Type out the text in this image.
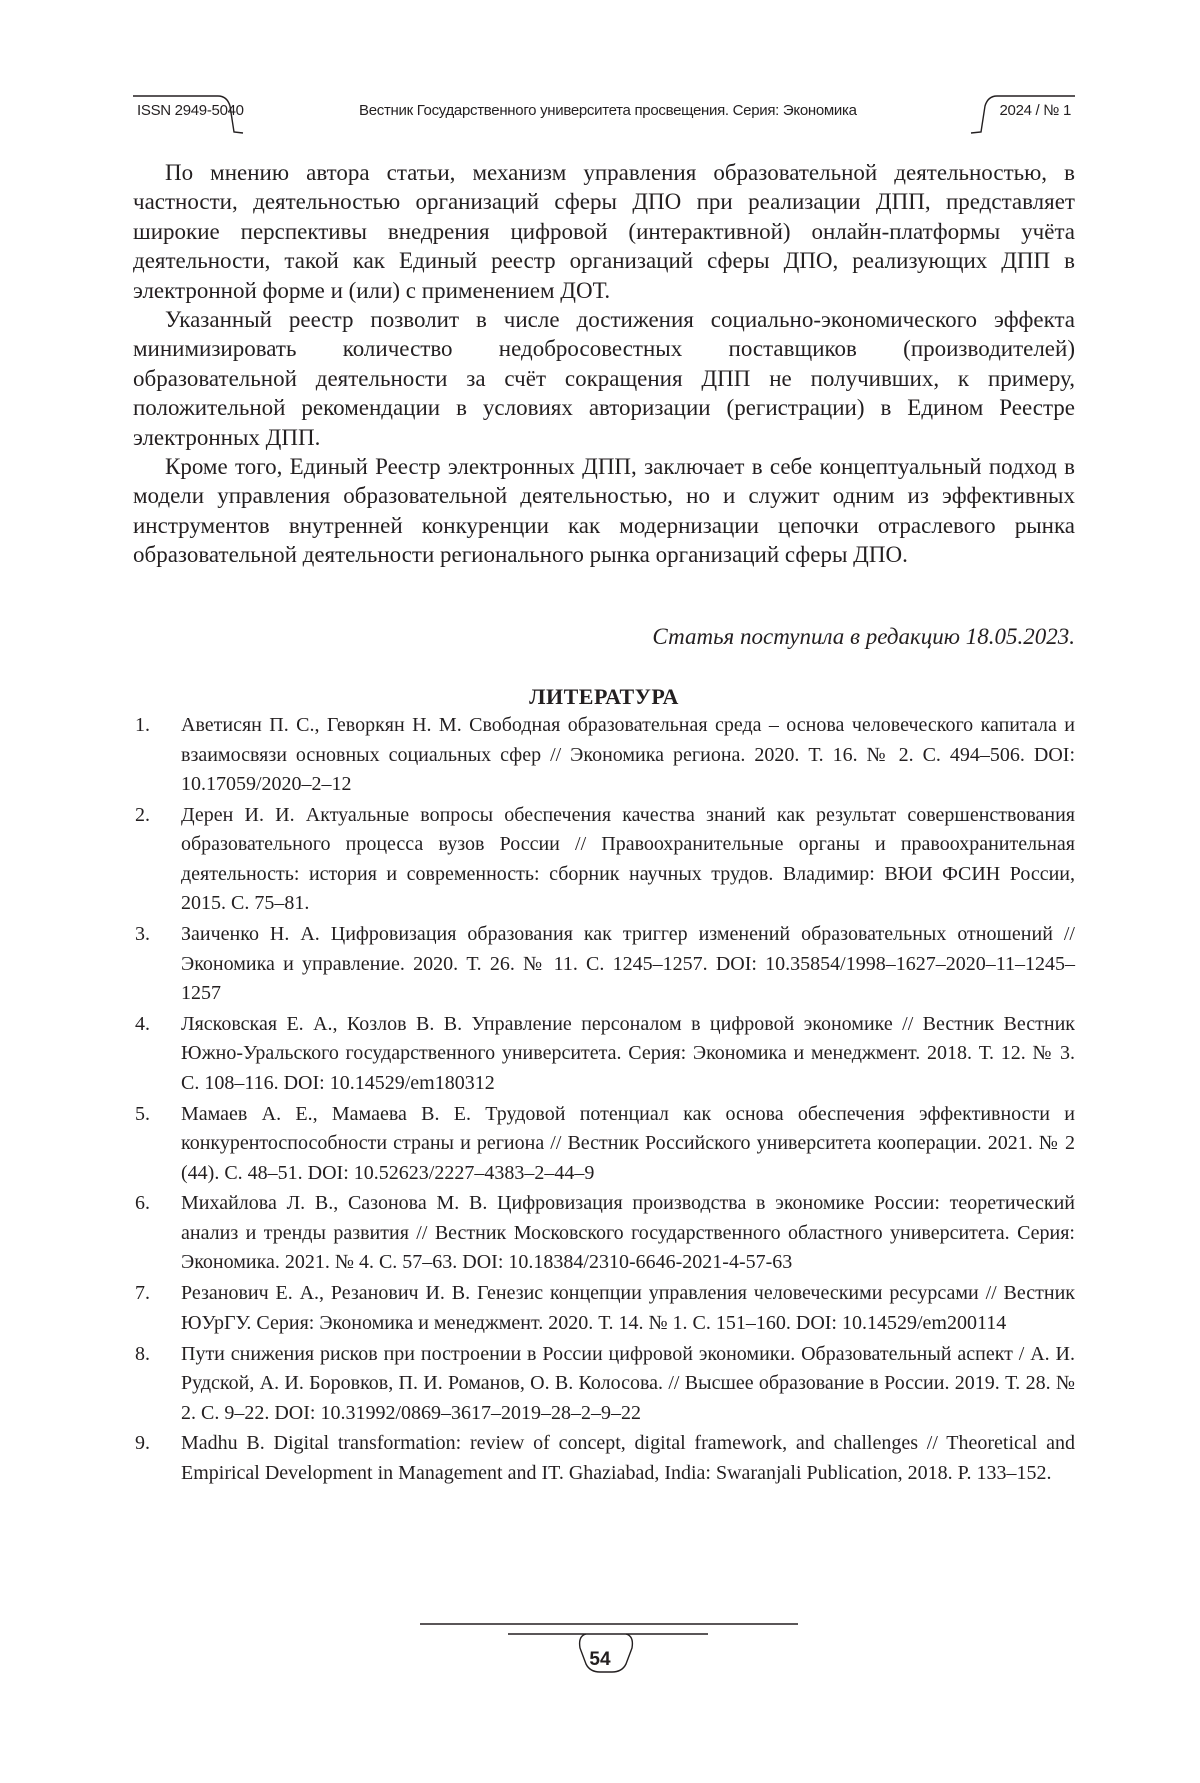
ISSN 2949-5040	Вестник Государственного университета просвещения. Серия: Экономика	2024 / № 1

По мнению автора статьи, механизм управления образовательной деятельностью, в частности, деятельностью организаций сферы ДПО при реализации ДПП, представляет широкие перспективы внедрения цифровой (интерактивной) онлайн-платформы учёта деятельности, такой как Единый реестр организаций сферы ДПО, реализующих ДПП в электронной форме и (или) с применением ДОТ.

Указанный реестр позволит в числе достижения социально-экономического эффекта минимизировать количество недобросовестных поставщиков (производителей) образовательной деятельности за счёт сокращения ДПП не получивших, к примеру, положительной рекомендации в условиях авторизации (регистрации) в Едином Реестре электронных ДПП.

Кроме того, Единый Реестр электронных ДПП, заключает в себе концептуальный подход в модели управления образовательной деятельностью, но и служит одним из эффективных инструментов внутренней конкуренции как модернизации цепочки отраслевого рынка образовательной деятельности регионального рынка организаций сферы ДПО.

Статья поступила в редакцию 18.05.2023.
ЛИТЕРАТУРА
1. Аветисян П. С., Геворкян Н. М. Свободная образовательная среда – основа человеческого капитала и взаимосвязи основных социальных сфер // Экономика региона. 2020. Т. 16. № 2. С. 494–506. DOI: 10.17059/2020–2–12
2. Дерен И. И. Актуальные вопросы обеспечения качества знаний как результат совершенствования образовательного процесса вузов России // Правоохранительные органы и правоохранительная деятельность: история и современность: сборник научных трудов. Владимир: ВЮИ ФСИН России, 2015. С. 75–81.
3. Заиченко Н. А. Цифровизация образования как триггер изменений образовательных отношений // Экономика и управление. 2020. Т. 26. № 11. С. 1245–1257. DOI: 10.35854/1998–1627–2020–11–1245–1257
4. Лясковская Е. А., Козлов В. В. Управление персоналом в цифровой экономике // Вестник Вестник Южно-Уральского государственного университета. Серия: Экономика и менеджмент. 2018. Т. 12. № 3. С. 108–116. DOI: 10.14529/em180312
5. Мамаев А. Е., Мамаева В. Е. Трудовой потенциал как основа обеспечения эффективности и конкурентоспособности страны и региона // Вестник Российского университета кооперации. 2021. № 2 (44). С. 48–51. DOI: 10.52623/2227–4383–2–44–9
6. Михайлова Л. В., Сазонова М. В. Цифровизация производства в экономике России: теоретический анализ и тренды развития // Вестник Московского государственного областного университета. Серия: Экономика. 2021. № 4. С. 57–63. DOI: 10.18384/2310-6646-2021-4-57-63
7. Резанович Е. А., Резанович И. В. Генезис концепции управления человеческими ресурсами // Вестник ЮУрГУ. Серия: Экономика и менеджмент. 2020. Т. 14. № 1. С. 151–160. DOI: 10.14529/em200114
8. Пути снижения рисков при построении в России цифровой экономики. Образовательный аспект / А. И. Рудской, А. И. Боровков, П. И. Романов, О. В. Колосова. // Высшее образование в России. 2019. Т. 28. № 2. С. 9–22. DOI: 10.31992/0869–3617–2019–28–2–9–22
9. Madhu B. Digital transformation: review of concept, digital framework, and challenges // Theoretical and Empirical Development in Management and IT. Ghaziabad, India: Swaranjali Publication, 2018. P. 133–152.
54
